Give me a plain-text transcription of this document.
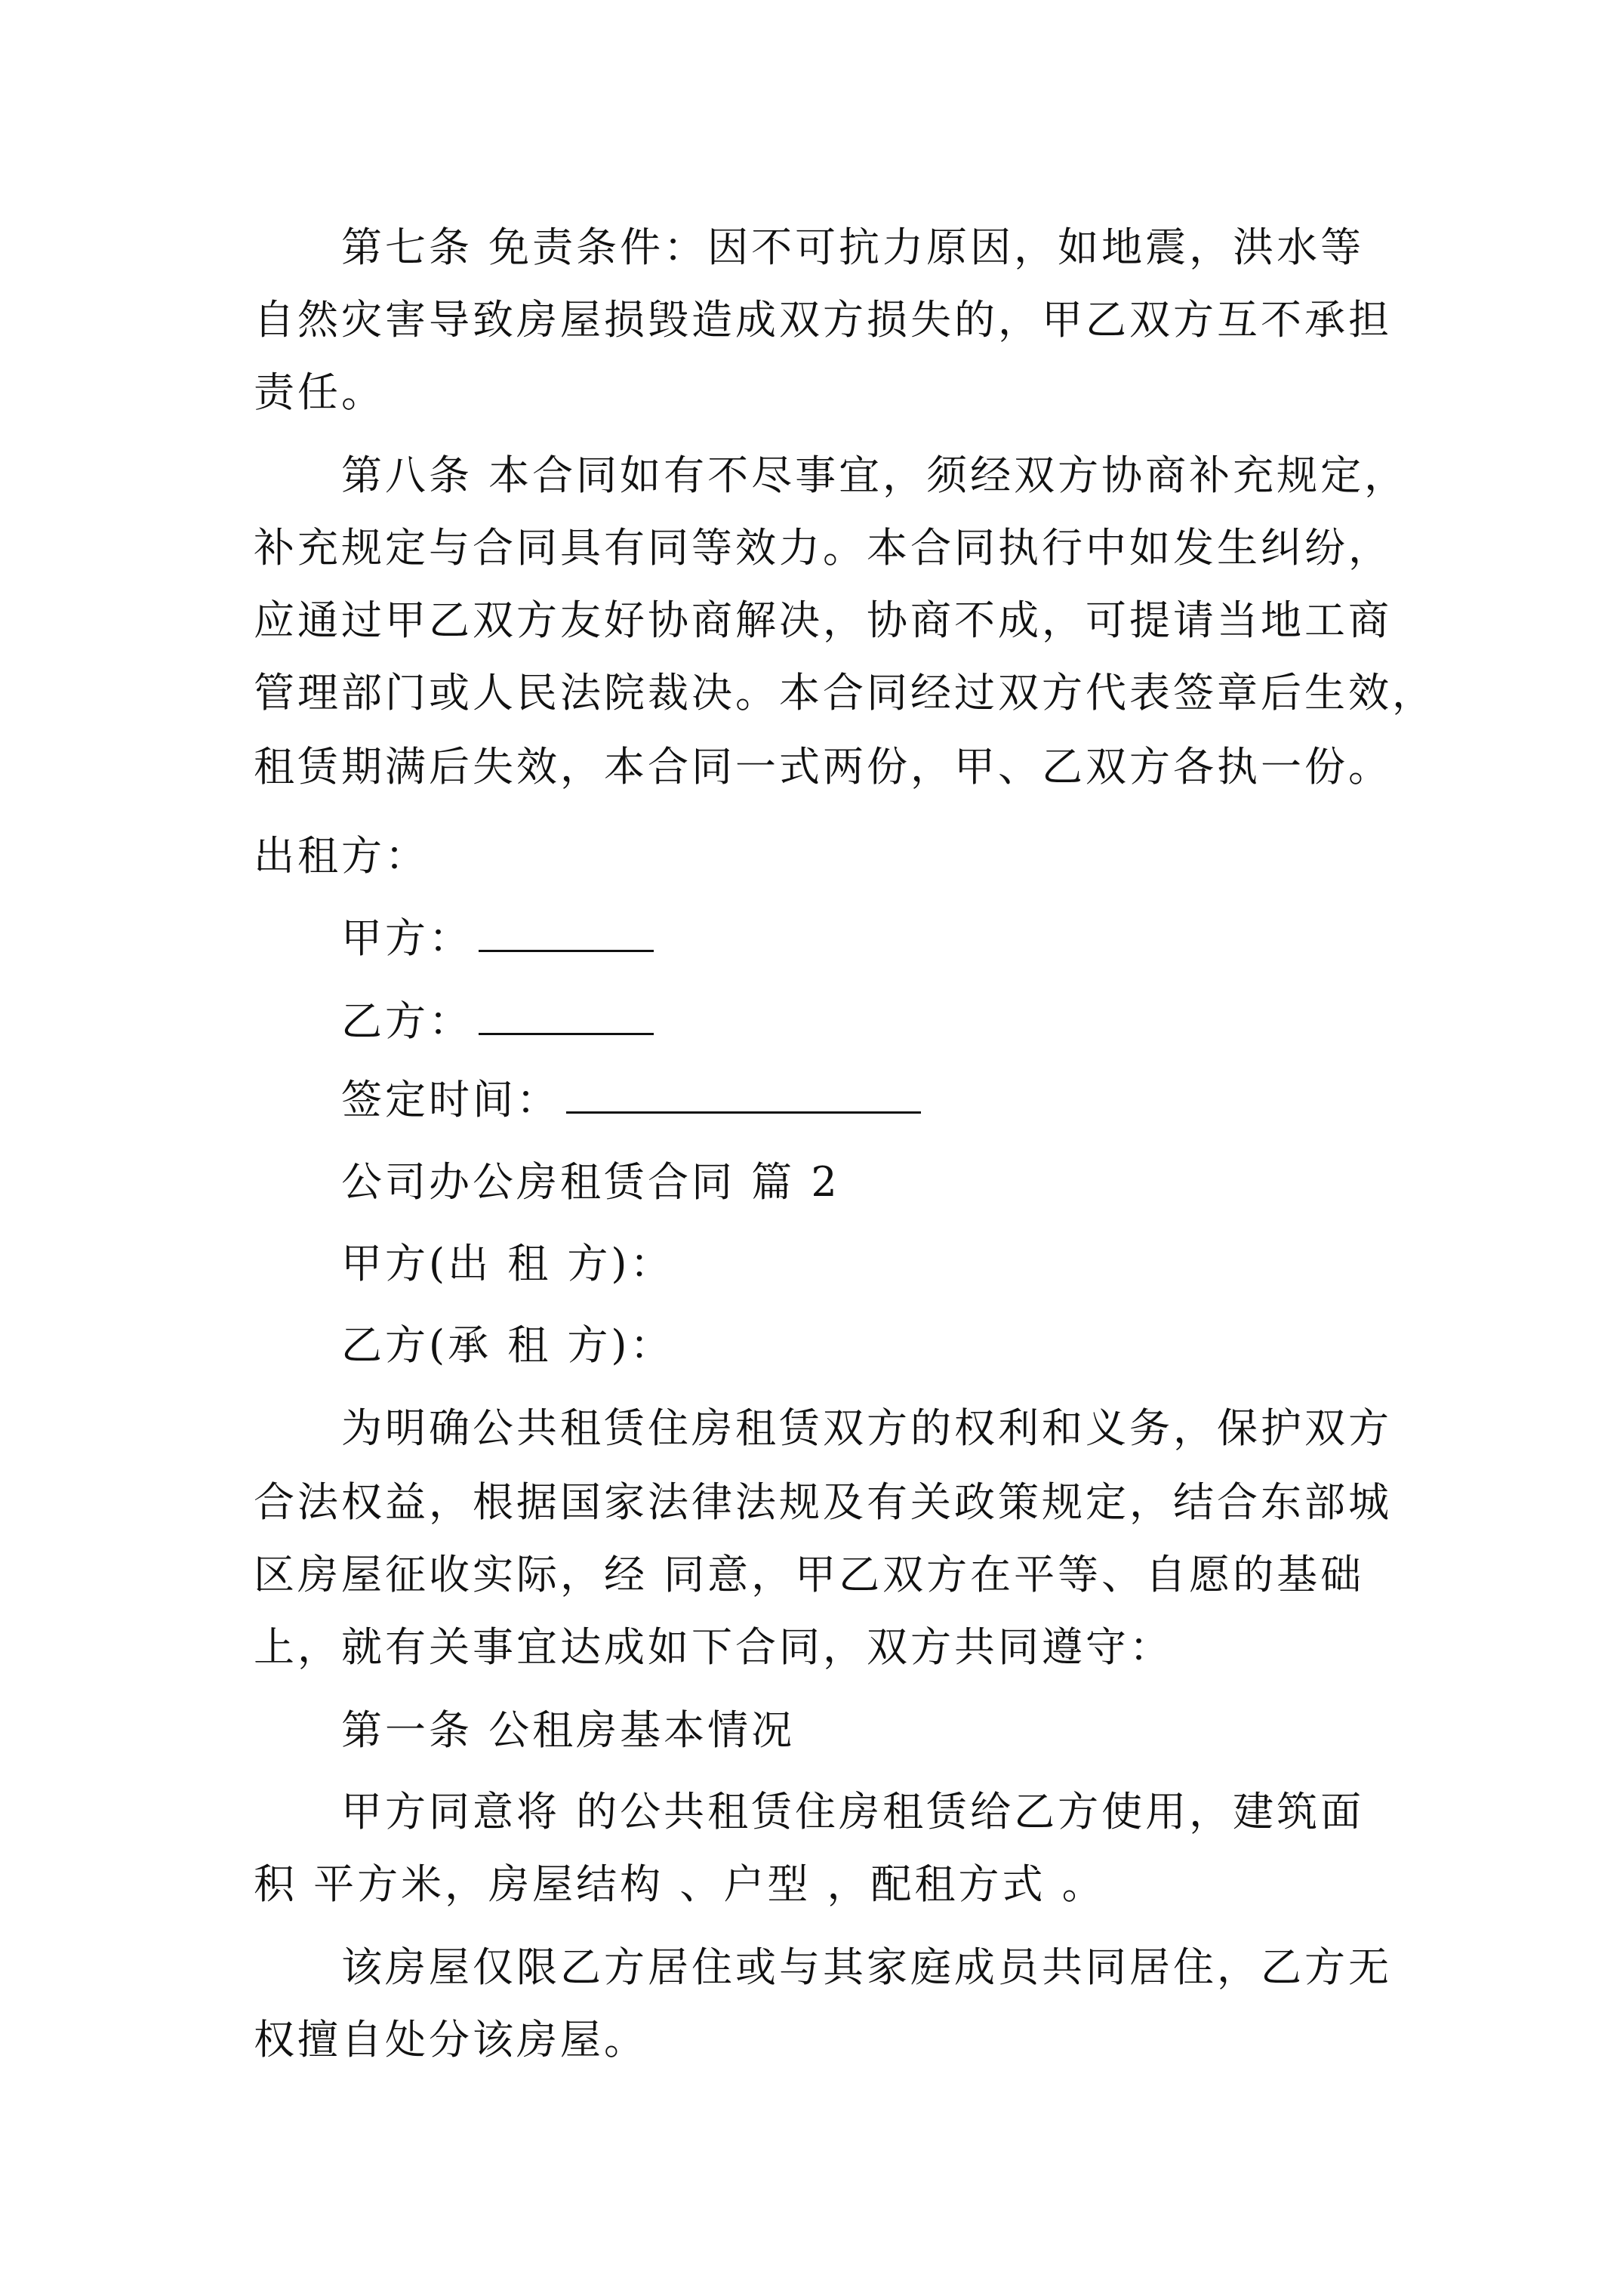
第七条 免责条件：因不可抗力原因，如地震，洪水等
自然灾害导致房屋损毁造成双方损失的，甲乙双方互不承担
责任。
第八条 本合同如有不尽事宜，须经双方协商补充规定，
补充规定与合同具有同等效力。本合同执行中如发生纠纷，
应通过甲乙双方友好协商解决，协商不成，可提请当地工商
管理部门或人民法院裁决。本合同经过双方代表签章后生效，
租赁期满后失效，本合同一式两份，甲、乙双方各执一份。
出租方：
甲方：
乙方：
签定时间：
公司办公房租赁合同 篇 2
甲方(出 租 方)：
乙方(承 租 方)：
为明确公共租赁住房租赁双方的权利和义务，保护双方
合法权益，根据国家法律法规及有关政策规定，结合东部城
区房屋征收实际，经 同意，甲乙双方在平等、自愿的基础
上，就有关事宜达成如下合同，双方共同遵守：
第一条 公租房基本情况
甲方同意将 的公共租赁住房租赁给乙方使用，建筑面
积 平方米，房屋结构 、户型 ，配租方式 。
该房屋仅限乙方居住或与其家庭成员共同居住，乙方无
权擅自处分该房屋。
